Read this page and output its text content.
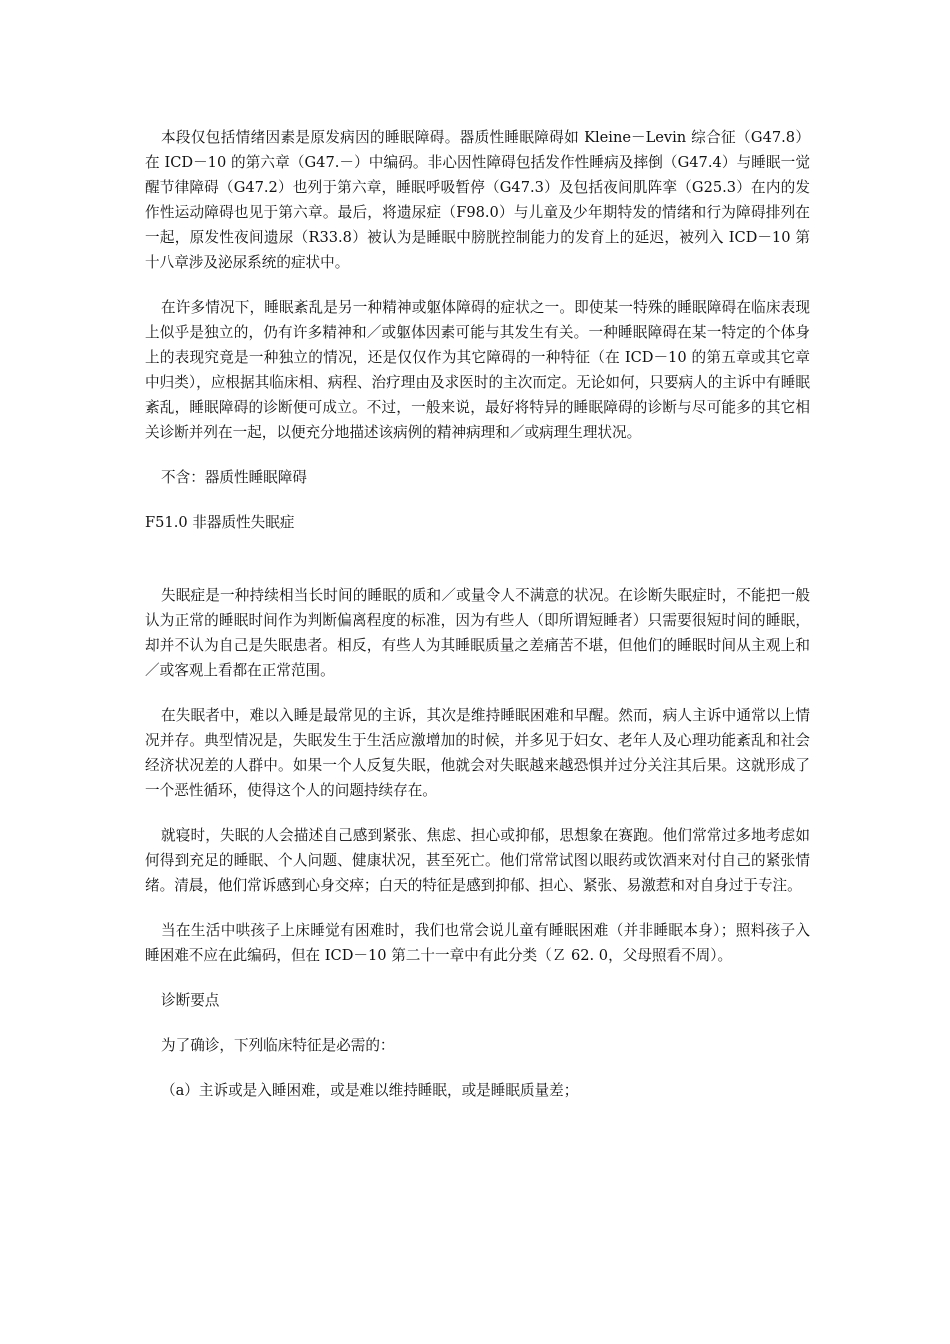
本段仅包括情绪因素是原发病因的睡眠障碍。器质性睡眠障碍如 Kleine－Levin 综合征（G47.8）在 ICD－10 的第六章（G47.－）中编码。非心因性障碍包括发作性睡病及摔倒（G47.4）与睡眠一觉醒节律障碍（G47.2）也列于第六章，睡眠呼吸暂停（G47.3）及包括夜间肌阵挛（G25.3）在内的发作性运动障碍也见于第六章。最后，将遗尿症（F98.0）与儿童及少年期特发的情绪和行为障碍排列在一起，原发性夜间遗尿（R33.8）被认为是睡眠中膀胱控制能力的发育上的延迟，被列入 ICD－10 第十八章涉及泌尿系统的症状中。

在许多情况下，睡眠紊乱是另一种精神或躯体障碍的症状之一。即使某一特殊的睡眠障碍在临床表现上似乎是独立的，仍有许多精神和／或躯体因素可能与其发生有关。一种睡眠障碍在某一特定的个体身上的表现究竟是一种独立的情况，还是仅仅作为其它障碍的一种特征（在 ICD－10 的第五章或其它章中归类），应根据其临床相、病程、治疗理由及求医时的主次而定。无论如何，只要病人的主诉中有睡眠紊乱，睡眠障碍的诊断便可成立。不过，一般来说，最好将特异的睡眠障碍的诊断与尽可能多的其它相关诊断并列在一起，以便充分地描述该病例的精神病理和／或病理生理状况。

不含：器质性睡眠障碍

F51.0 非器质性失眠症

失眠症是一种持续相当长时间的睡眠的质和／或量令人不满意的状况。在诊断失眠症时，不能把一般认为正常的睡眠时间作为判断偏离程度的标准，因为有些人（即所谓短睡者）只需要很短时间的睡眠，却并不认为自己是失眠患者。相反，有些人为其睡眠质量之差痛苦不堪，但他们的睡眠时间从主观上和／或客观上看都在正常范围。

在失眠者中，难以入睡是最常见的主诉，其次是维持睡眠困难和早醒。然而，病人主诉中通常以上情况并存。典型情况是，失眠发生于生活应激增加的时候，并多见于妇女、老年人及心理功能紊乱和社会经济状况差的人群中。如果一个人反复失眠，他就会对失眠越来越恐惧并过分关注其后果。这就形成了一个恶性循环，使得这个人的问题持续存在。

就寝时，失眠的人会描述自己感到紧张、焦虑、担心或抑郁，思想象在赛跑。他们常常过多地考虑如何得到充足的睡眠、个人问题、健康状况，甚至死亡。他们常常试图以眼药或饮酒来对付自己的紧张情绪。清晨，他们常诉感到心身交瘁；白天的特征是感到抑郁、担心、紧张、易激惹和对自身过于专注。

当在生活中哄孩子上床睡觉有困难时，我们也常会说儿童有睡眠困难（并非睡眠本身）；照料孩子入睡困难不应在此编码，但在 ICD－10 第二十一章中有此分类（Ｚ 62. 0，父母照看不周）。

诊断要点

为了确诊，下列临床特征是必需的：

（a）主诉或是入睡困难，或是难以维持睡眠，或是睡眠质量差；
